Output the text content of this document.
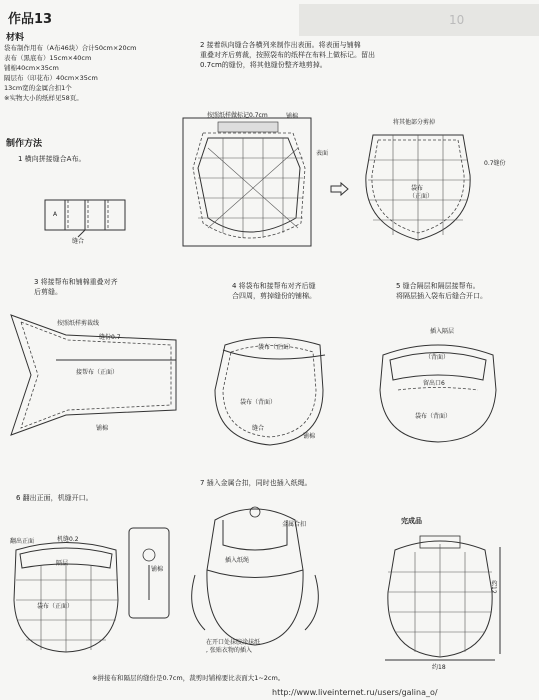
作品13	10
材料
袋布制作用布（A布46块）合计50cm×20cm
表布（黑底布）15cm×40cm
铺棉40cm×35cm
隔层布（印花布）40cm×35cm
13cm宽的金属合扣1个
※实物大小的纸样见58页。
2 接着纵向缝合各横列来制作出表面。将表面与铺棉
重叠对齐后剪裁，按照袋布的纸样在布料上做标记。留出
0.7cm的缝份，将其他缝份整齐地剪掉。
制作方法
1 横向拼接缝合A布。
A
缝合
按照纸样做标记0.7cm	铺棉
表面
将其他部分剪掉
0.7缝份
袋布
（正面）
3 将接帮布和铺棉重叠对齐
后剪缝。
按照纸样剪裁线
缝份0.7
接帮布（正面）
铺棉
4 将袋布和接帮布对齐后缝
合四周，剪掉缝份的铺棉。
袋布（正面）
袋布（背面）
缝合
铺棉
5 缝合隔层和隔层接帮布。
将隔层插入袋布后缝合开口。
插入隔层
（背面）
留出口6
袋布（背面）
6 翻出正面，机缝开口。
翻出正面	机缝0.2
隔层
袋布（正面）
铺棉
7 插入金属合扣，同时也插入纸绳。
金属合扣
插入纸绳
在开口处抹胶涂抹纸
, 张贴衣物的插入
完成品
约12
约18
※拼接布和隔层的缝份是0.7cm，裁剪时铺棉要比表面大1~2cm。
http://www.liveinternet.ru/users/galina_o/
